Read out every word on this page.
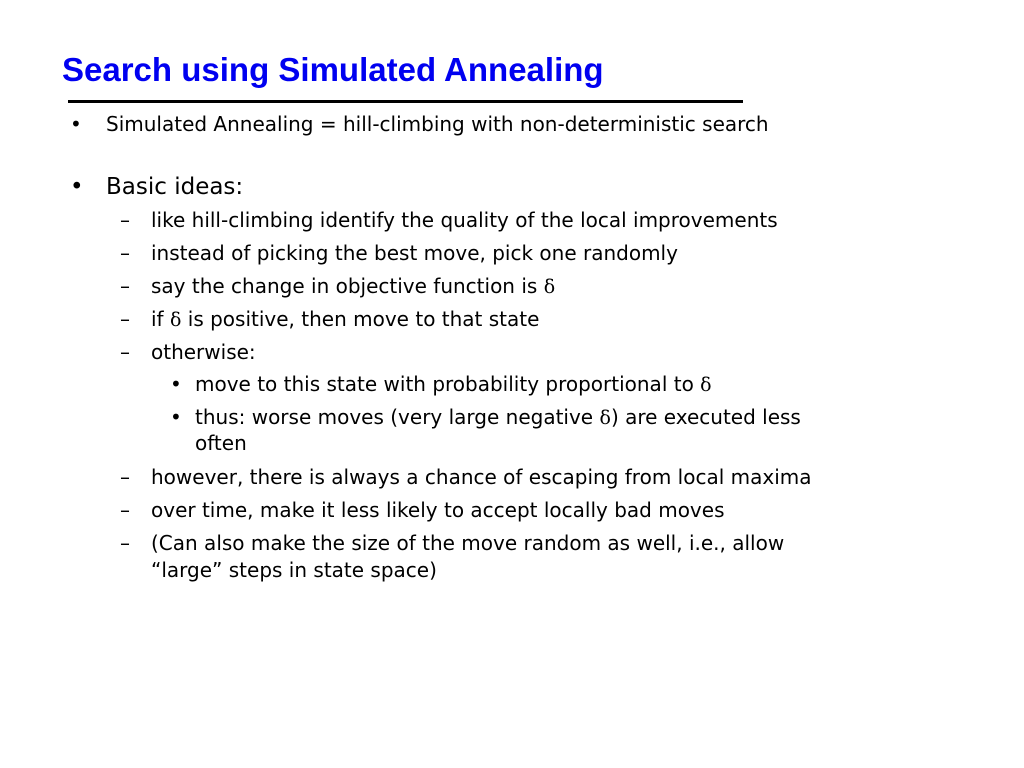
Search using Simulated Annealing
• Simulated Annealing = hill-climbing with non-deterministic search

• Basic ideas:

– like hill-climbing identify the quality of the local improvements

– instead of picking the best move, pick one randomly

– say the change in objective function is δ

– if δ is positive, then move to that state

– otherwise:

• move to this state with probability proportional to δ

• thus: worse moves (very large negative δ) are executed less

often

– however, there is always a chance of escaping from local maxima

– over time, make it less likely to accept locally bad moves

– (Can also make the size of the move random as well, i.e., allow

“large” steps in state space)
